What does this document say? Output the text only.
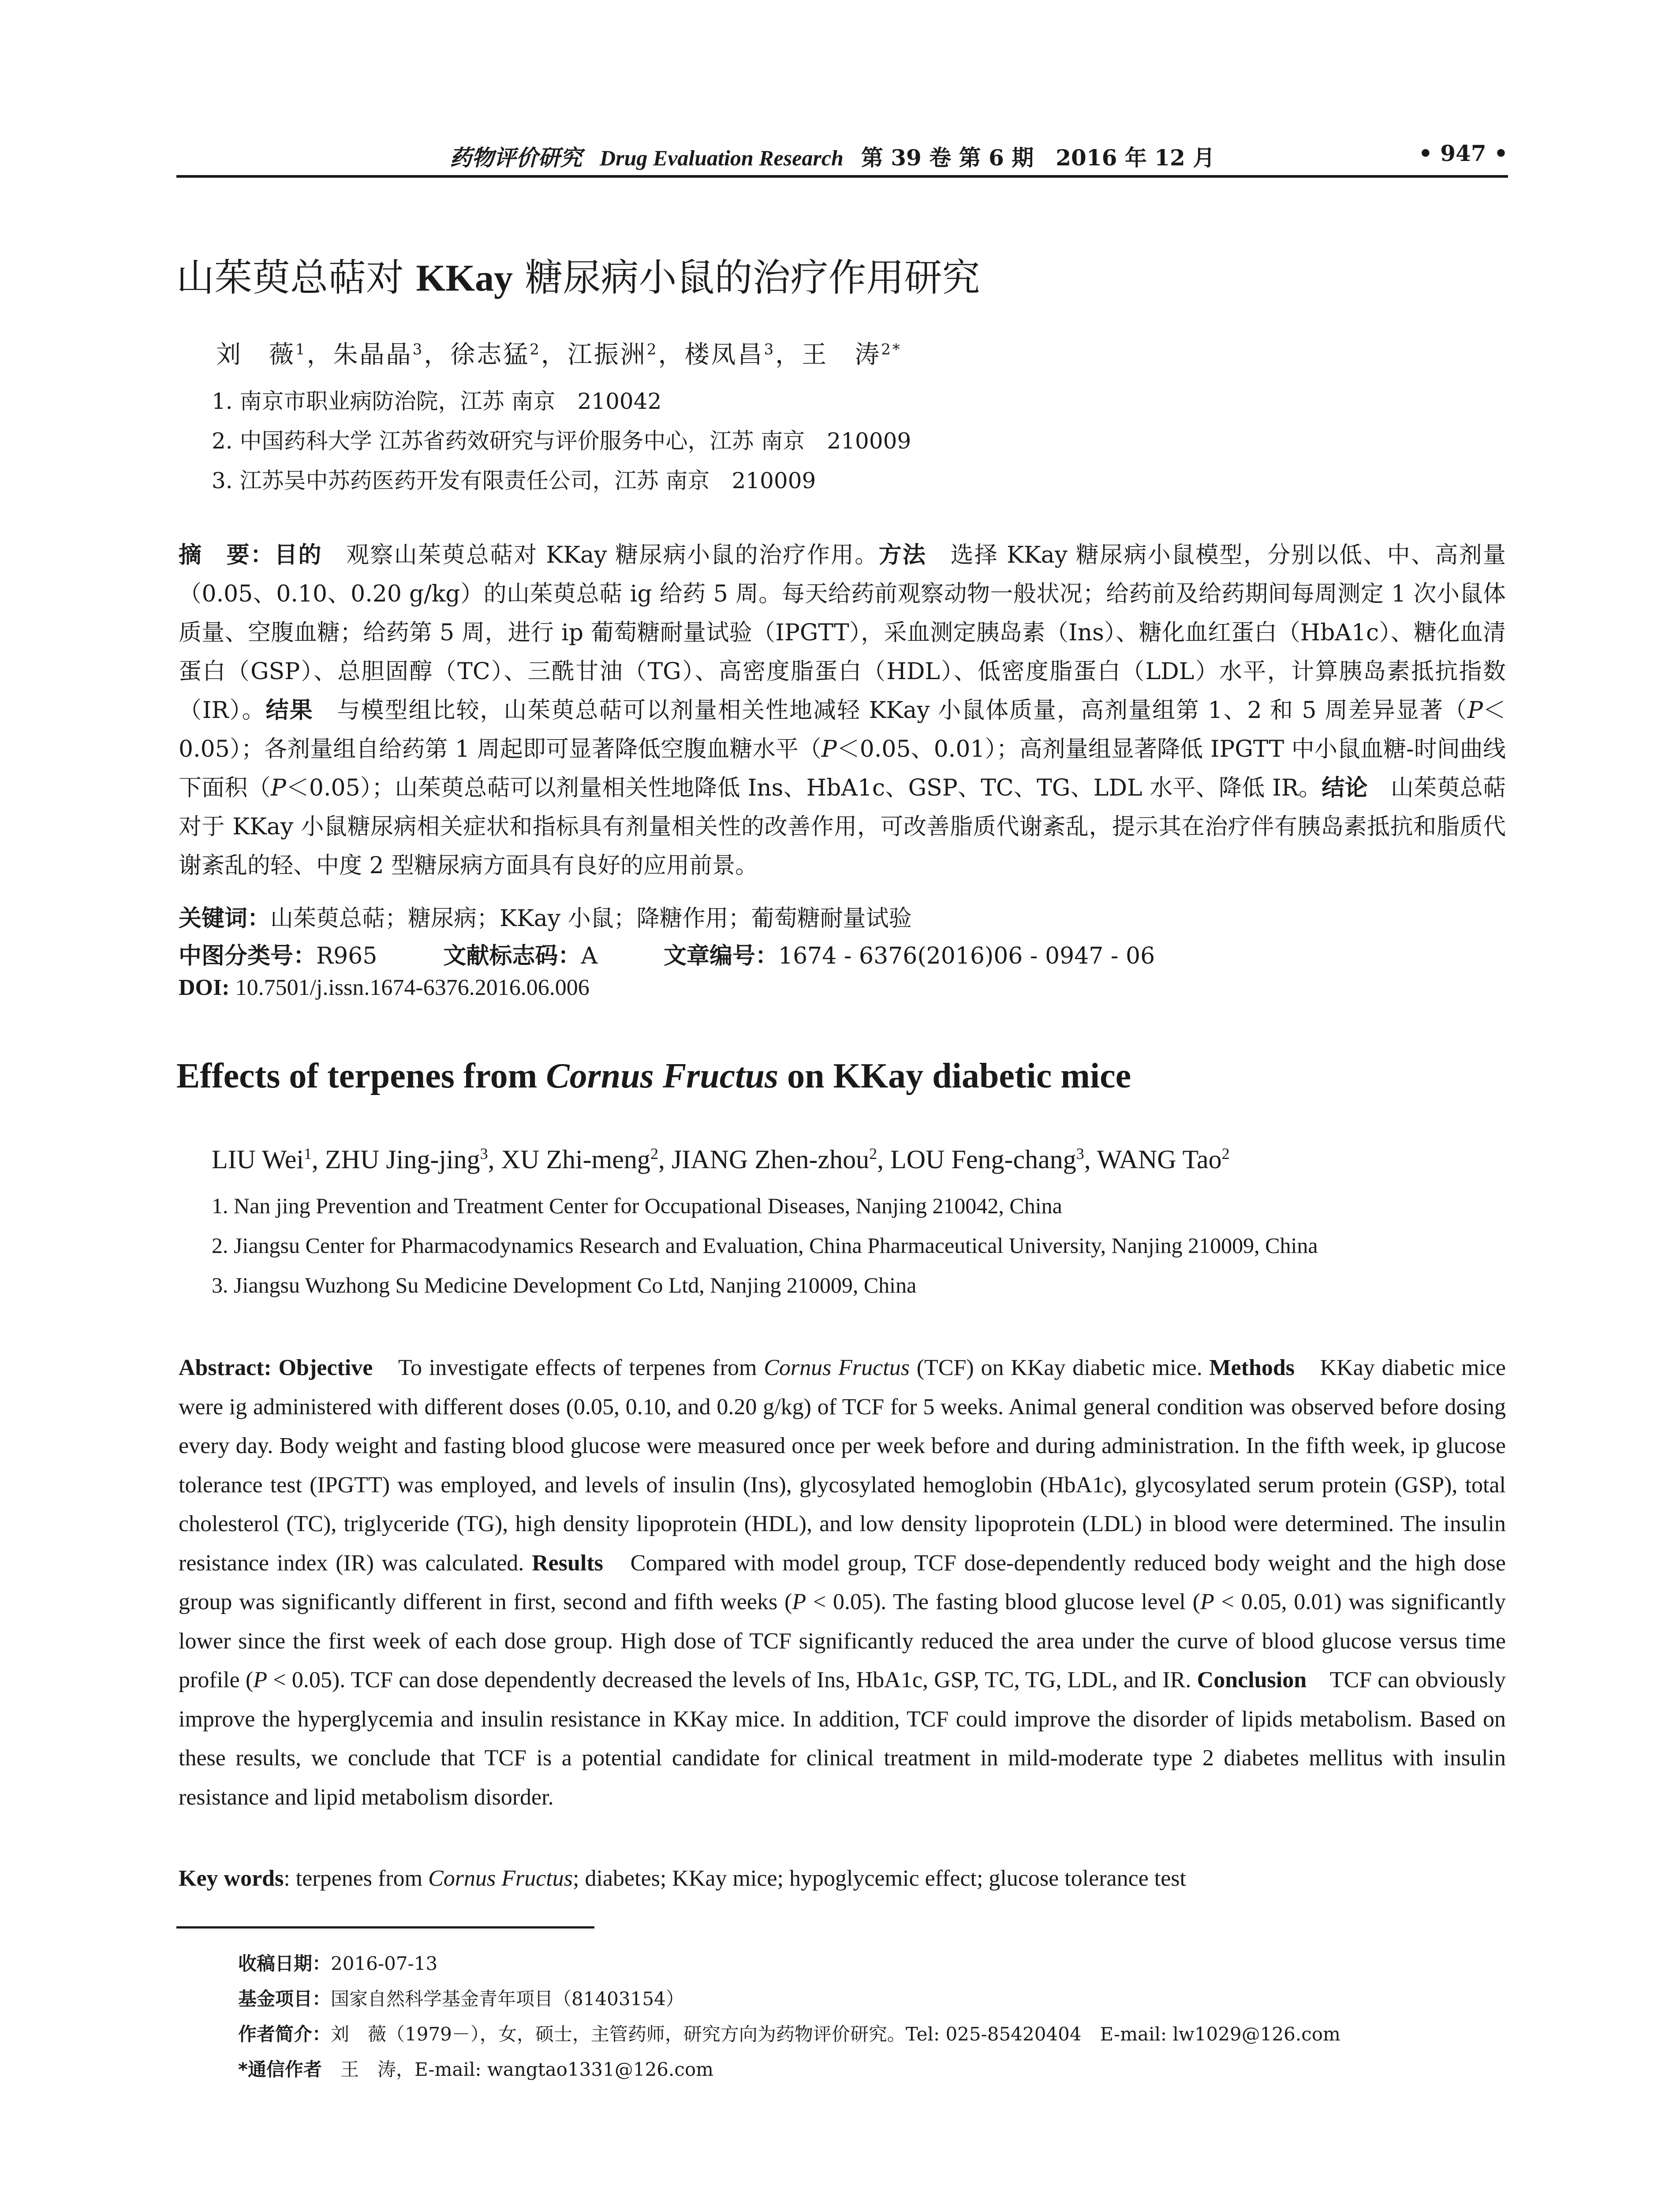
药物评价研究 Drug Evaluation Research 第 39 卷 第 6 期　2016 年 12 月	• 947 •
山茱萸总萜对 KKay 糖尿病小鼠的治疗作用研究
刘　薇$^1$，朱晶晶$^3$，徐志猛$^2$，江振洲$^2$，楼凤昌$^3$，王　涛$^{2*}$
1. 南京市职业病防治院，江苏 南京　210042
2. 中国药科大学 江苏省药效研究与评价服务中心，江苏 南京　210009
3. 江苏吴中苏药医药开发有限责任公司，江苏 南京　210009
摘　要：目的　观察山茱萸总萜对 KKay 糖尿病小鼠的治疗作用。方法　选择 KKay 糖尿病小鼠模型，分别以低、中、高剂量（0.05、0.10、0.20 g/kg）的山茱萸总萜 ig 给药 5 周。每天给药前观察动物一般状况；给药前及给药期间每周测定 1 次小鼠体质量、空腹血糖；给药第 5 周，进行 ip 葡萄糖耐量试验（IPGTT），采血测定胰岛素（Ins）、糖化血红蛋白（HbA1c）、糖化血清蛋白（GSP）、总胆固醇（TC）、三酰甘油（TG）、高密度脂蛋白（HDL）、低密度脂蛋白（LDL）水平，计算胰岛素抵抗指数（IR）。结果　与模型组比较，山茱萸总萜可以剂量相关性地减轻 KKay 小鼠体质量，高剂量组第 1、2 和 5 周差异显著（P＜0.05）；各剂量组自给药第 1 周起即可显著降低空腹血糖水平（P＜0.05、0.01）；高剂量组显著降低 IPGTT 中小鼠血糖-时间曲线下面积（P＜0.05）；山茱萸总萜可以剂量相关性地降低 Ins、HbA1c、GSP、TC、TG、LDL 水平、降低 IR。结论　山茱萸总萜对于 KKay 小鼠糖尿病相关症状和指标具有剂量相关性的改善作用，可改善脂质代谢紊乱，提示其在治疗伴有胰岛素抵抗和脂质代谢紊乱的轻、中度 2 型糖尿病方面具有良好的应用前景。
关键词：山茱萸总萜；糖尿病；KKay 小鼠；降糖作用；葡萄糖耐量试验
中图分类号：R965	文献标志码：A	文章编号：1674 - 6376(2016)06 - 0947 - 06
DOI: 10.7501/j.issn.1674-6376.2016.06.006
Effects of terpenes from Cornus Fructus on KKay diabetic mice
LIU Wei$^1$, ZHU Jing-jing$^3$, XU Zhi-meng$^2$, JIANG Zhen-zhou$^2$, LOU Feng-chang$^3$, WANG Tao$^2$
1. Nan jing Prevention and Treatment Center for Occupational Diseases, Nanjing 210042, China
2. Jiangsu Center for Pharmacodynamics Research and Evaluation, China Pharmaceutical University, Nanjing 210009, China
3. Jiangsu Wuzhong Su Medicine Development Co Ltd, Nanjing 210009, China
Abstract: Objective　To investigate effects of terpenes from Cornus Fructus (TCF) on KKay diabetic mice. Methods　KKay diabetic mice were ig administered with different doses (0.05, 0.10, and 0.20 g/kg) of TCF for 5 weeks. Animal general condition was observed before dosing every day. Body weight and fasting blood glucose were measured once per week before and during administration. In the fifth week, ip glucose tolerance test (IPGTT) was employed, and levels of insulin (Ins), glycosylated hemoglobin (HbA1c), glycosylated serum protein (GSP), total cholesterol (TC), triglyceride (TG), high density lipoprotein (HDL), and low density lipoprotein (LDL) in blood were determined. The insulin resistance index (IR) was calculated. Results　Compared with model group, TCF dose-dependently reduced body weight and the high dose group was significantly different in first, second and fifth weeks (P < 0.05). The fasting blood glucose level (P < 0.05, 0.01) was significantly lower since the first week of each dose group. High dose of TCF significantly reduced the area under the curve of blood glucose versus time profile (P < 0.05). TCF can dose dependently decreased the levels of Ins, HbA1c, GSP, TC, TG, LDL, and IR. Conclusion　TCF can obviously improve the hyperglycemia and insulin resistance in KKay mice. In addition, TCF could improve the disorder of lipids metabolism. Based on these results, we conclude that TCF is a potential candidate for clinical treatment in mild-moderate type 2 diabetes mellitus with insulin resistance and lipid metabolism disorder.
Key words: terpenes from Cornus Fructus; diabetes; KKay mice; hypoglycemic effect; glucose tolerance test
收稿日期：2016-07-13
基金项目：国家自然科学基金青年项目（81403154）
作者简介：刘　薇（1979－），女，硕士，主管药师，研究方向为药物评价研究。Tel: 025-85420404　E-mail: lw1029@126.com
*通信作者　王　涛，E-mail: wangtao1331@126.com
